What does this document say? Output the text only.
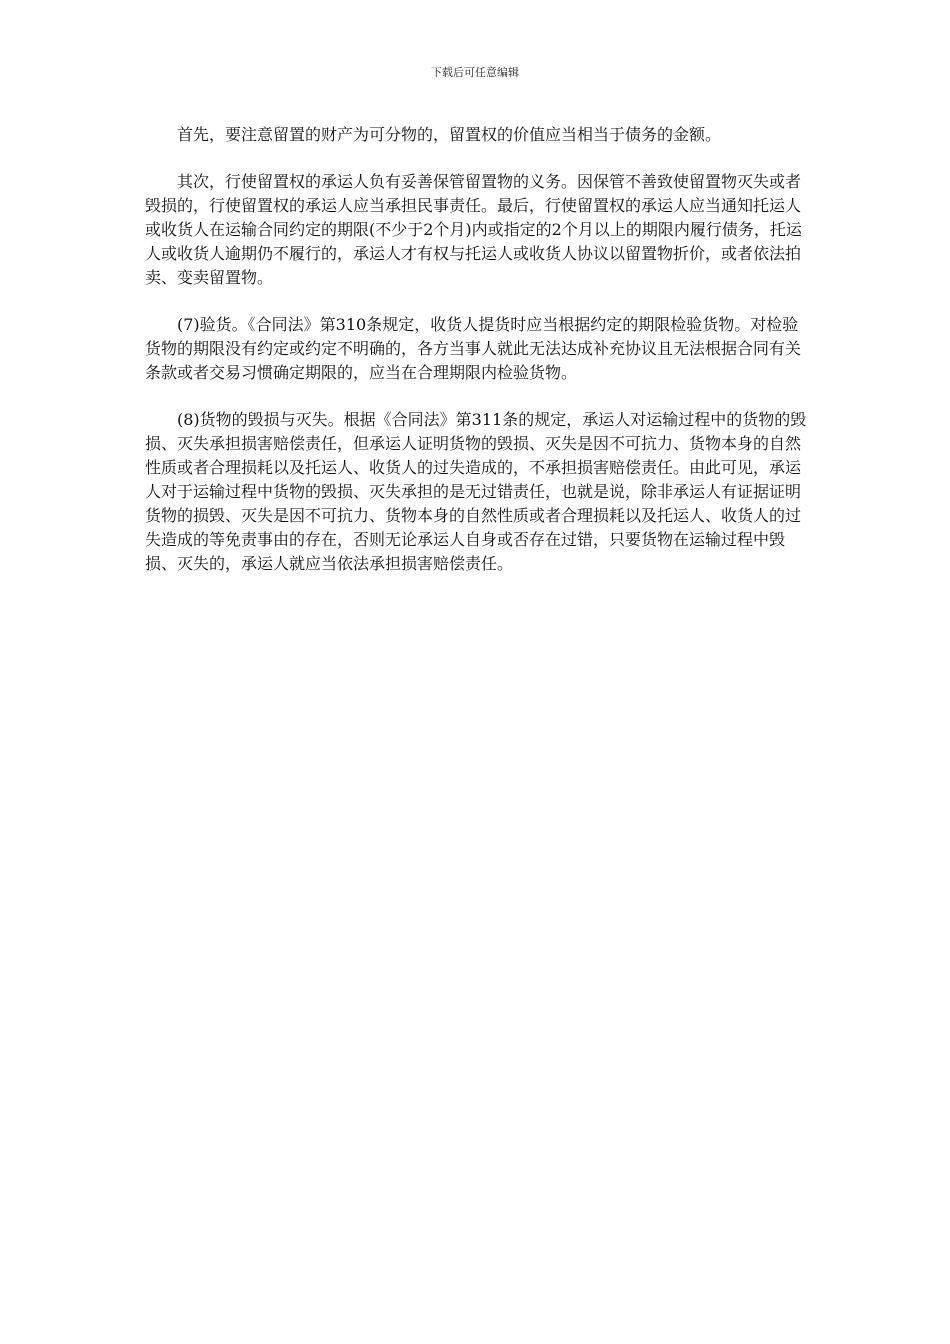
下载后可任意编辑

首先，要注意留置的财产为可分物的，留置权的价值应当相当于债务的金额。

其次，行使留置权的承运人负有妥善保管留置物的义务。因保管不善致使留置物灭失或者毁损的，行使留置权的承运人应当承担民事责任。最后，行使留置权的承运人应当通知托运人或收货人在运输合同约定的期限(不少于2个月)内或指定的2个月以上的期限内履行债务，托运人或收货人逾期仍不履行的，承运人才有权与托运人或收货人协议以留置物折价，或者依法拍卖、变卖留置物。

(7)验货。《合同法》第310条规定，收货人提货时应当根据约定的期限检验货物。对检验货物的期限没有约定或约定不明确的，各方当事人就此无法达成补充协议且无法根据合同有关条款或者交易习惯确定期限的，应当在合理期限内检验货物。

(8)货物的毁损与灭失。根据《合同法》第311条的规定，承运人对运输过程中的货物的毁损、灭失承担损害赔偿责任，但承运人证明货物的毁损、灭失是因不可抗力、货物本身的自然性质或者合理损耗以及托运人、收货人的过失造成的，不承担损害赔偿责任。由此可见，承运人对于运输过程中货物的毁损、灭失承担的是无过错责任，也就是说，除非承运人有证据证明货物的损毁、灭失是因不可抗力、货物本身的自然性质或者合理损耗以及托运人、收货人的过失造成的等免责事由的存在，否则无论承运人自身或否存在过错，只要货物在运输过程中毁损、灭失的，承运人就应当依法承担损害赔偿责任。
